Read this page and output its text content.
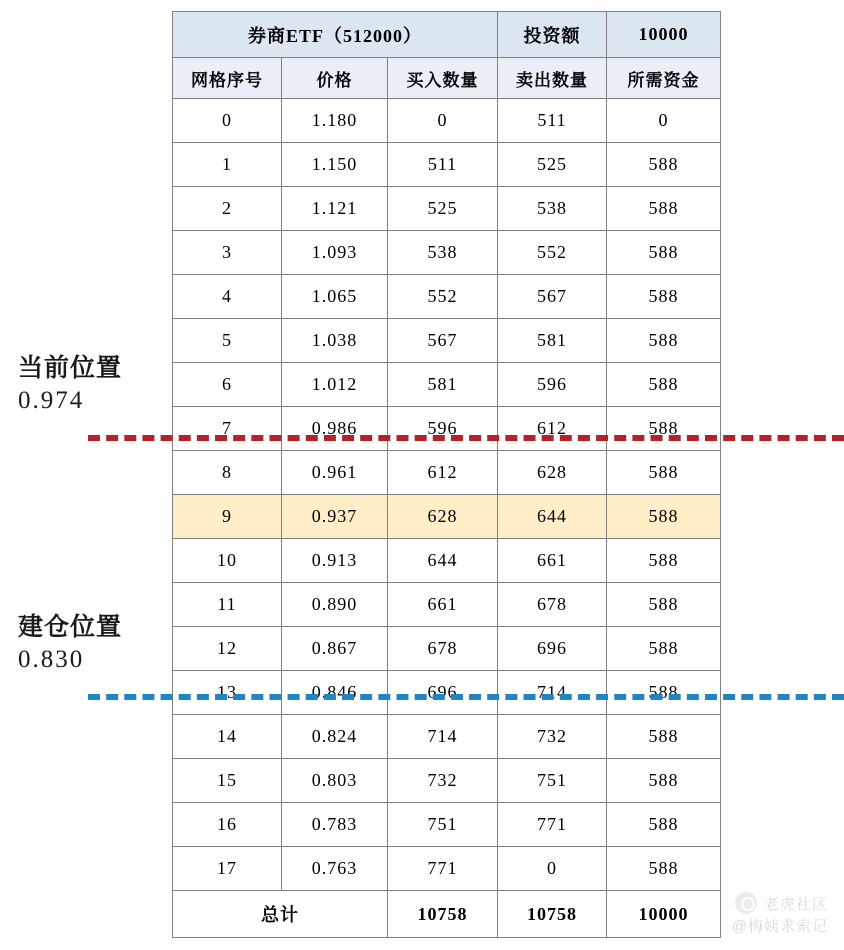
券商ETF（512000）			投资额	10000
网格序号	价格	买入数量	卖出数量	所需资金
0	1.180	0	511	0
1	1.150	511	525	588
2	1.121	525	538	588
3	1.093	538	552	588
4	1.065	552	567	588
5	1.038	567	581	588
6	1.012	581	596	588
7	0.986	596	612	588
8	0.961	612	628	588
9	0.937	628	644	588
10	0.913	644	661	588
11	0.890	661	678	588
12	0.867	678	696	588
13	0.846	696	714	588
14	0.824	714	732	588
15	0.803	732	751	588
16	0.783	751	771	588
17	0.763	771	0	588
总计		10758	10758	10000
当前位置
0.974
建仓位置
0.830
老虎社区
@梅姨求索记
